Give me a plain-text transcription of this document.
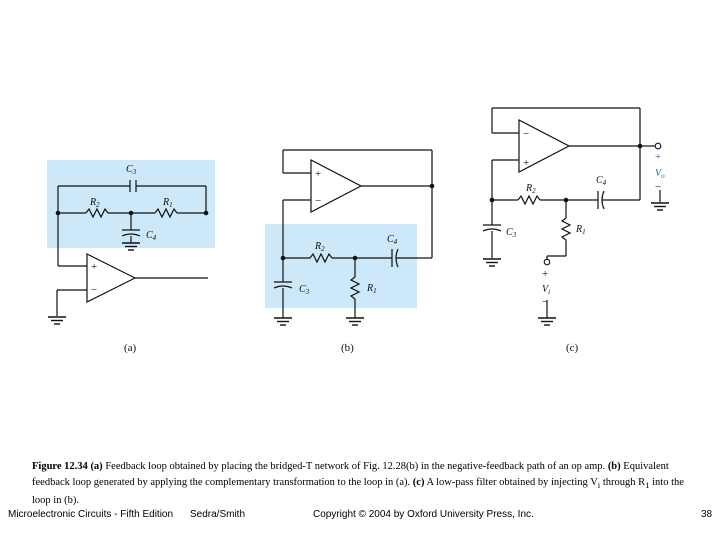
+
−
$C_3$
$R_2$	$R_1$
$C_4$
(a)
+
−
$R_2$
$C_4$
$C_3$	$R_1$
(b)
−
+
$R_2$
$C_4$
$C_3$	$R_1$
+
$V_o$
−
+
$V_i$
−
(c)
Figure 12.34 (a) Feedback loop obtained by placing the bridged-T network of Fig. 12.28(b) in the negative-feedback path of an op amp. (b) Equivalent feedback loop generated by applying the complementary transformation to the loop in (a). (c) A low-pass filter obtained by injecting $V_i$ through $R_1$ into the loop in (b).
Microelectronic Circuits - Fifth Edition Sedra/Smith	Copyright © 2004 by Oxford University Press, Inc.	38
